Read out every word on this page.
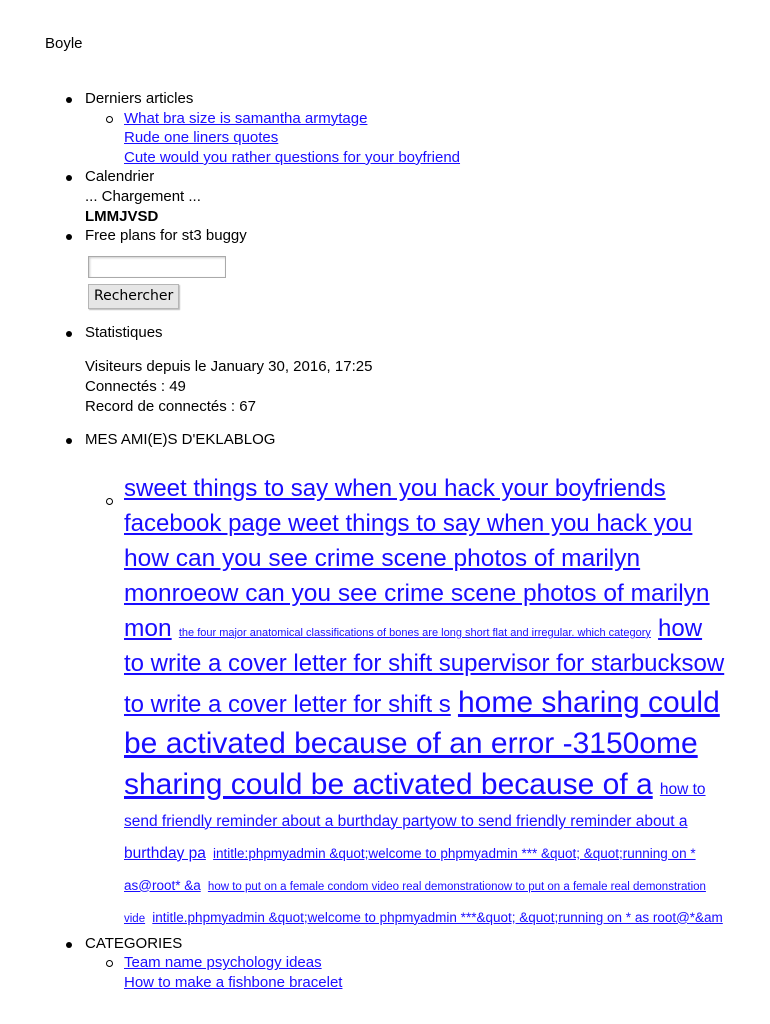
Boyle
Derniers articles
What bra size is samantha armytage
Rude one liners quotes
Cute would you rather questions for your boyfriend
Calendrier
... Chargement ...
LMMJVSD
Free plans for st3 buggy
Rechercher
Statistiques
Visiteurs depuis le January 30, 2016, 17:25
Connectés : 49
Record de connectés : 67
MES AMI(E)S D'EKLABLOG
sweet things to say when you hack your boyfriends facebook page weet things to say when you hack you how can you see crime scene photos of marilyn monroeow can you see crime scene photos of marilyn mon the four major anatomical classifications of bones are long short flat and irregular. which category how to write a cover letter for shift supervisor for starbucksow to write a cover letter for shift s home sharing could be activated because of an error -3150ome sharing could be activated because of a how to send friendly reminder about a burthday partyow to send friendly reminder about a burthday pa intitle:phpmyadmin &quot;welcome to phpmyadmin *** &quot; &quot;running on * as@root* &a how to put on a female condom video real demonstrationow to put on a female real demonstration vide intitle.phpmyadmin &quot;welcome to phpmyadmin ***&quot; &quot;running on * as root@*&am
CATEGORIES
Team name psychology ideas
How to make a fishbone bracelet
